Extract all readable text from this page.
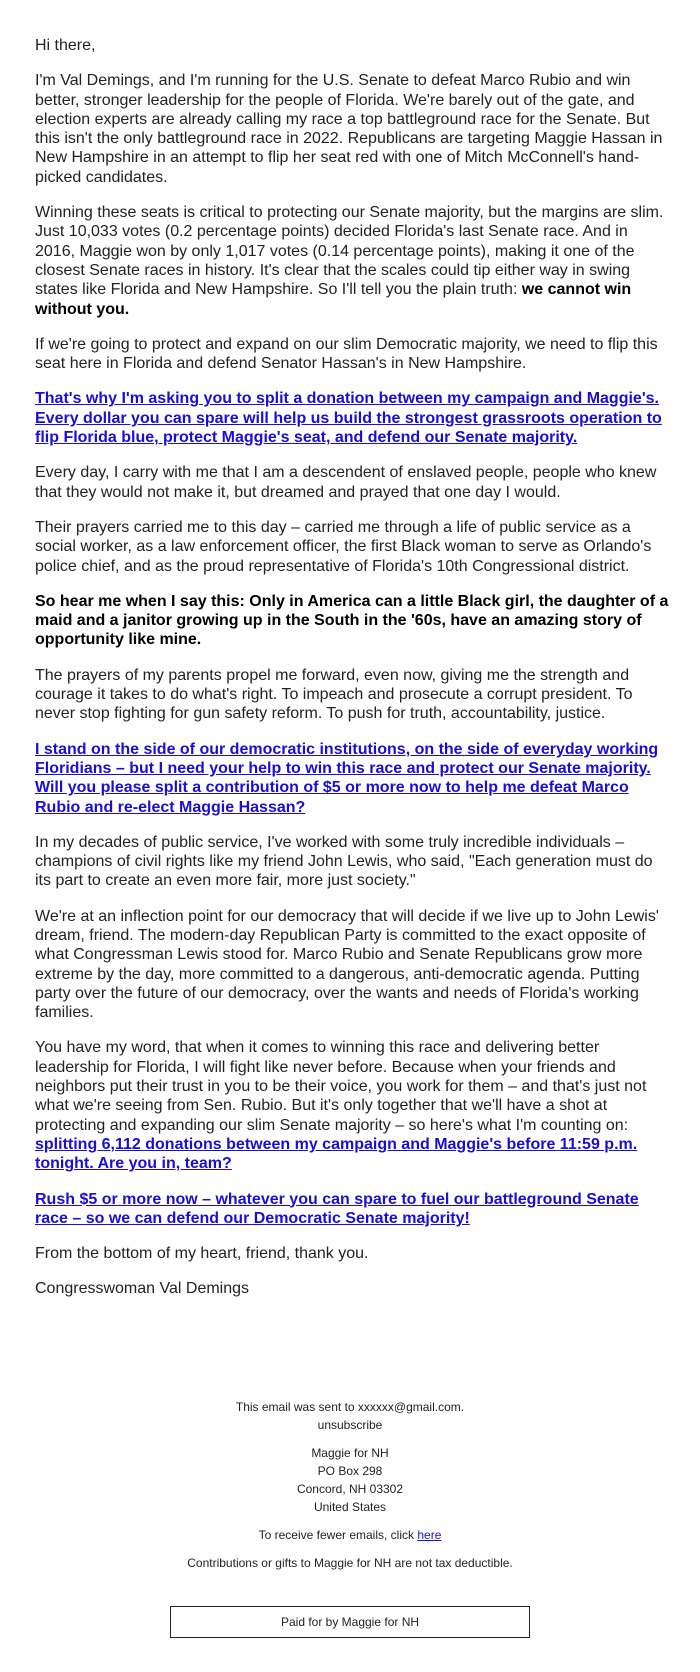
Hi there,

I'm Val Demings, and I'm running for the U.S. Senate to defeat Marco Rubio and win better, stronger leadership for the people of Florida. We're barely out of the gate, and election experts are already calling my race a top battleground race for the Senate. But this isn't the only battleground race in 2022. Republicans are targeting Maggie Hassan in New Hampshire in an attempt to flip her seat red with one of Mitch McConnell's hand-picked candidates.

Winning these seats is critical to protecting our Senate majority, but the margins are slim. Just 10,033 votes (0.2 percentage points) decided Florida's last Senate race. And in 2016, Maggie won by only 1,017 votes (0.14 percentage points), making it one of the closest Senate races in history. It's clear that the scales could tip either way in swing states like Florida and New Hampshire. So I'll tell you the plain truth: we cannot win without you.

If we're going to protect and expand on our slim Democratic majority, we need to flip this seat here in Florida and defend Senator Hassan's in New Hampshire.

That's why I'm asking you to split a donation between my campaign and Maggie's. Every dollar you can spare will help us build the strongest grassroots operation to flip Florida blue, protect Maggie's seat, and defend our Senate majority.

Every day, I carry with me that I am a descendent of enslaved people, people who knew that they would not make it, but dreamed and prayed that one day I would.

Their prayers carried me to this day – carried me through a life of public service as a social worker, as a law enforcement officer, the first Black woman to serve as Orlando's police chief, and as the proud representative of Florida's 10th Congressional district.

So hear me when I say this: Only in America can a little Black girl, the daughter of a maid and a janitor growing up in the South in the '60s, have an amazing story of opportunity like mine.

The prayers of my parents propel me forward, even now, giving me the strength and courage it takes to do what's right. To impeach and prosecute a corrupt president. To never stop fighting for gun safety reform. To push for truth, accountability, justice.

I stand on the side of our democratic institutions, on the side of everyday working Floridians – but I need your help to win this race and protect our Senate majority. Will you please split a contribution of $5 or more now to help me defeat Marco Rubio and re-elect Maggie Hassan?

In my decades of public service, I've worked with some truly incredible individuals – champions of civil rights like my friend John Lewis, who said, "Each generation must do its part to create an even more fair, more just society."

We're at an inflection point for our democracy that will decide if we live up to John Lewis' dream, friend. The modern-day Republican Party is committed to the exact opposite of what Congressman Lewis stood for. Marco Rubio and Senate Republicans grow more extreme by the day, more committed to a dangerous, anti-democratic agenda. Putting party over the future of our democracy, over the wants and needs of Florida's working families.

You have my word, that when it comes to winning this race and delivering better leadership for Florida, I will fight like never before. Because when your friends and neighbors put their trust in you to be their voice, you work for them – and that's just not what we're seeing from Sen. Rubio. But it's only together that we'll have a shot at protecting and expanding our slim Senate majority – so here's what I'm counting on: splitting 6,112 donations between my campaign and Maggie's before 11:59 p.m. tonight. Are you in, team?

Rush $5 or more now – whatever you can spare to fuel our battleground Senate race – so we can defend our Democratic Senate majority!

From the bottom of my heart, friend, thank you.

Congresswoman Val Demings

This email was sent to xxxxxx@gmail.com.
unsubscribe

Maggie for NH
PO Box 298
Concord, NH 03302
United States

To receive fewer emails, click here

Contributions or gifts to Maggie for NH are not tax deductible.

Paid for by Maggie for NH
